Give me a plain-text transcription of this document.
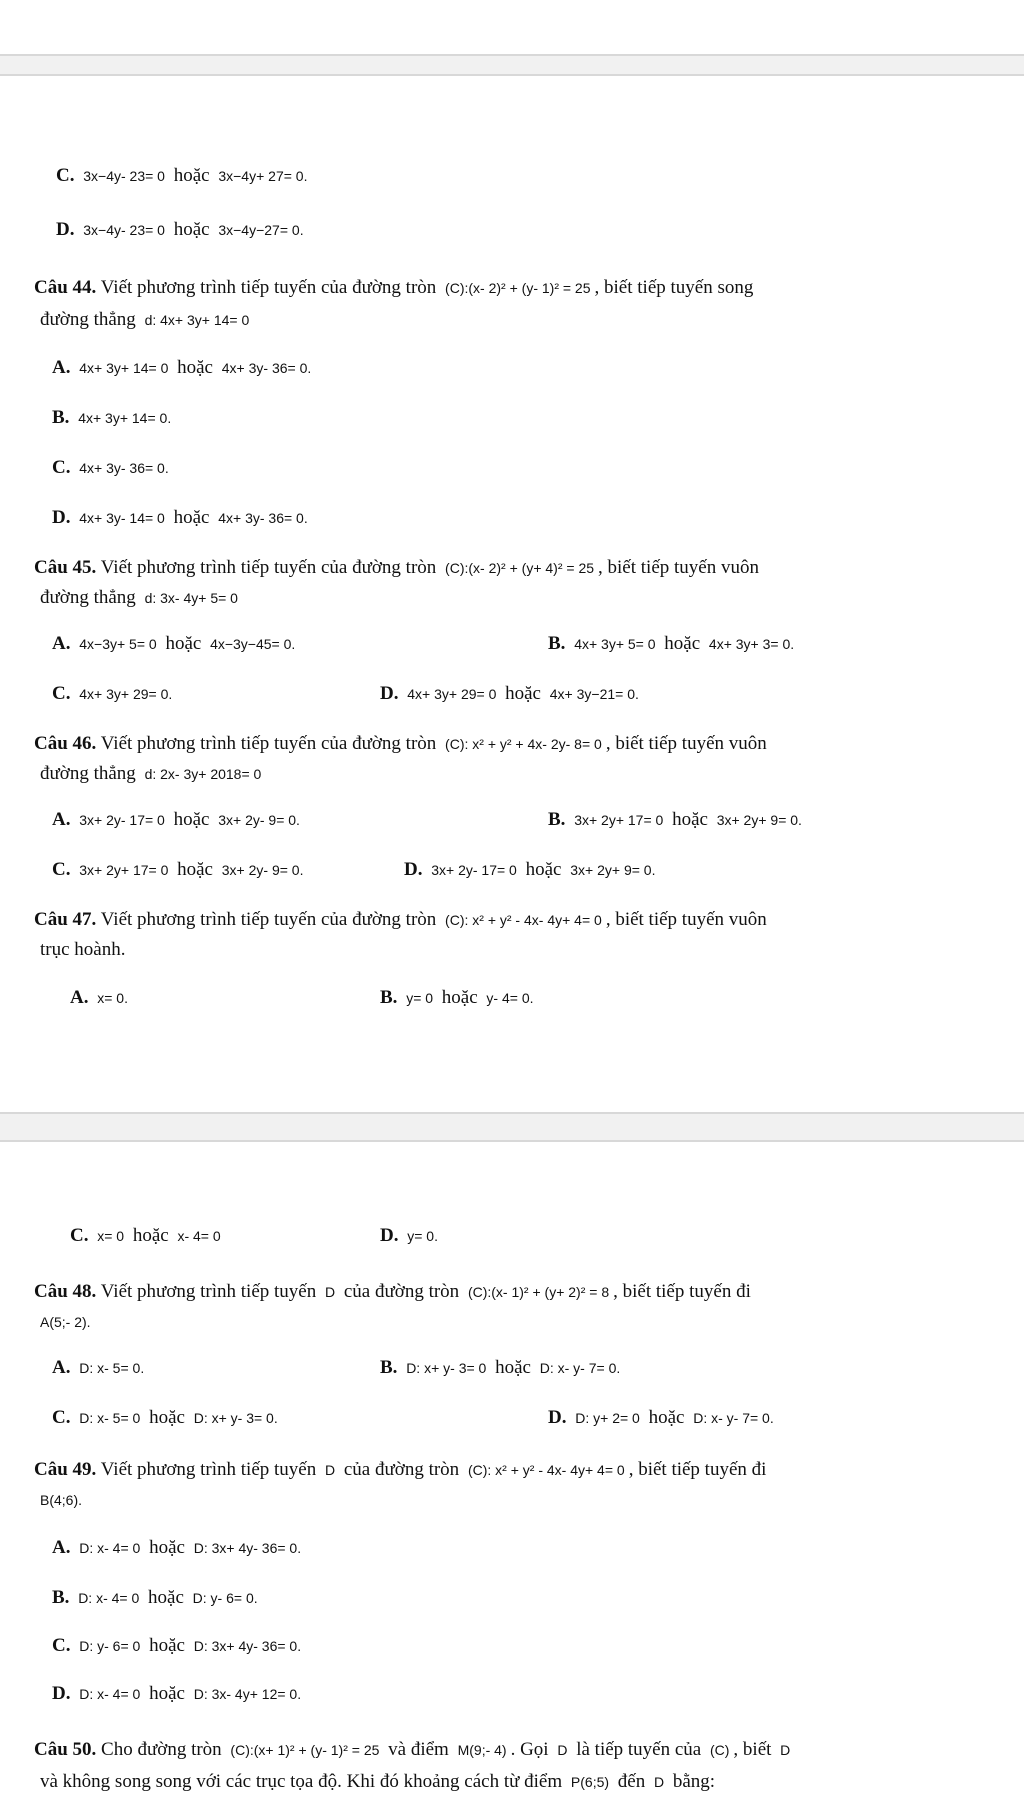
C. 3x−4y- 23= 0 hoặc 3x−4y+ 27= 0.
D. 3x−4y- 23= 0 hoặc 3x−4y−27= 0.
Câu 44. Viết phương trình tiếp tuyến của đường tròn (C):(x- 2)² + (y- 1)² = 25 , biết tiếp tuyến song
đường thẳng d: 4x+ 3y+ 14= 0
A. 4x+ 3y+ 14= 0 hoặc 4x+ 3y- 36= 0.
B. 4x+ 3y+ 14= 0.
C. 4x+ 3y- 36= 0.
D. 4x+ 3y- 14= 0 hoặc 4x+ 3y- 36= 0.
Câu 45. Viết phương trình tiếp tuyến của đường tròn (C):(x- 2)² + (y+ 4)² = 25 , biết tiếp tuyến vuôn
đường thẳng d: 3x- 4y+ 5= 0
A. 4x−3y+ 5= 0 hoặc 4x−3y−45= 0.	B. 4x+ 3y+ 5= 0 hoặc 4x+ 3y+ 3= 0.
C. 4x+ 3y+ 29= 0.	D. 4x+ 3y+ 29= 0 hoặc 4x+ 3y−21= 0.
Câu 46. Viết phương trình tiếp tuyến của đường tròn (C): x² + y² + 4x- 2y- 8= 0 , biết tiếp tuyến vuôn
đường thẳng d: 2x- 3y+ 2018= 0
A. 3x+ 2y- 17= 0 hoặc 3x+ 2y- 9= 0.	B. 3x+ 2y+ 17= 0 hoặc 3x+ 2y+ 9= 0.
C. 3x+ 2y+ 17= 0 hoặc 3x+ 2y- 9= 0.	D. 3x+ 2y- 17= 0 hoặc 3x+ 2y+ 9= 0.
Câu 47. Viết phương trình tiếp tuyến của đường tròn (C): x² + y² - 4x- 4y+ 4= 0 , biết tiếp tuyến vuôn
trục hoành.
A. x= 0.	B. y= 0 hoặc y- 4= 0.
C. x= 0 hoặc x- 4= 0	D. y= 0.
Câu 48. Viết phương trình tiếp tuyến D của đường tròn (C):(x- 1)² + (y+ 2)² = 8 , biết tiếp tuyến đi
A(5;- 2).
A. D: x- 5= 0.	B. D: x+ y- 3= 0 hoặc D: x- y- 7= 0.
C. D: x- 5= 0 hoặc D: x+ y- 3= 0.	D. D: y+ 2= 0 hoặc D: x- y- 7= 0.
Câu 49. Viết phương trình tiếp tuyến D của đường tròn (C): x² + y² - 4x- 4y+ 4= 0 , biết tiếp tuyến đi
B(4;6).
A. D: x- 4= 0 hoặc D: 3x+ 4y- 36= 0.
B. D: x- 4= 0 hoặc D: y- 6= 0.
C. D: y- 6= 0 hoặc D: 3x+ 4y- 36= 0.
D. D: x- 4= 0 hoặc D: 3x- 4y+ 12= 0.
Câu 50. Cho đường tròn (C):(x+ 1)² + (y- 1)² = 25 và điểm M(9;- 4) . Gọi D là tiếp tuyến của (C) , biết D
và không song song với các trục tọa độ. Khi đó khoảng cách từ điểm P(6;5) đến D bằng:
